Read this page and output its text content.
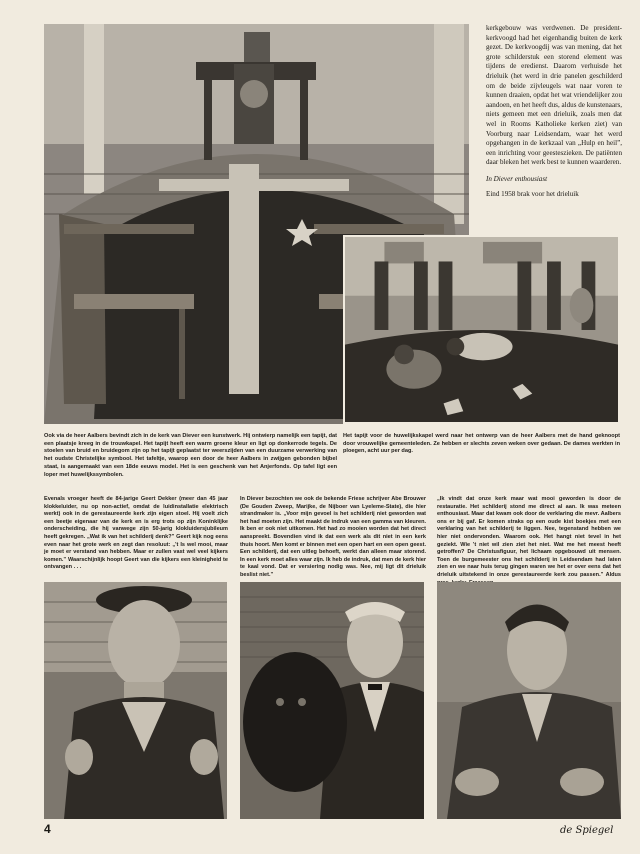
kerkgebouw was verdwenen. De president-kerkvoogd had het eigenhandig buiten de kerk gezet. De kerkvoogdij was van mening, dat het grote schilderstuk een storend element was tijdens de eredienst. Daarom verhuisde het drieluik (het werd in drie panelen geschilderd om de beide zijvleugels wat naar voren te kunnen draaien, opdat het wat vriendelijker zou aandoen, en het heeft dus, aldus de kunstenaars, niets gemeen met een drieluik, zoals men dat wel in Rooms Katholieke kerken ziet) van Voorburg naar Leidsendam, waar het werd opgehangen in de kerkzaal van „Hulp en heil”, een inrichting voor geesteszieken. De patiënten daar bleken het werk best te kunnen waarderen.

In Diever enthousiast

Eind 1958 brak voor het drieluik

Ook via de heer Aalbers bevindt zich in de kerk van Diever een kunstwerk. Hij ontwierp namelijk een tapijt, dat een plaatsje kreeg in de trouwkapel. Het tapijt heeft een warm groene kleur en ligt op donkerrode tegels. De stoelen van bruid en bruidegom zijn op het tapijt geplaatst ter weerszijden van een duurzame verwerking van het oudste Christelijke symbool. Het tafeltje, waarop een door de heer Aalbers in zwijgen gebonden bijbel staat, is aangemaakt van een 18de eeuws model. Het is een geschenk van het Anjerfonds. Op tafel ligt een loper met huwelijkssymbolen.
Het tapijt voor de huwelijkskapel werd naar het ontwerp van de heer Aalbers met de hand geknoopt door vrouwelijke gemeenteleden. Ze hebben er slechts zeven weken over gedaan. De dames werkten in ploegen, acht uur per dag.
Evenals vroeger heeft de 84-jarige Geert Dekker (meer dan 45 jaar klokkeluider, nu op non-actief, omdat de luidinstallatie elektrisch werkt) ook in de gerestaureerde kerk zijn eigen stoel. Hij voelt zich een beetje eigenaar van de kerk en is erg trots op zijn Koninklijke onderscheiding, die hij vanwege zijn 50-jarig klokluidersjubileum heeft gekregen. „Wat ik van het schilderij denk?” Geert kijk nog eens even naar het grote werk en zegt dan resoluut: „'t Is wel mooi, maar je moet er verstand van hebben. Maar er zullen vast wel veel kijkers komen.” Waarschijnlijk hoopt Geert van die kijkers een kleinigheid te ontvangen . . .
In Diever bezochten we ook de bekende Friese schrijver Abe Brouwer (De Gouden Zweep, Marijke, de Nijboer van Lyeleme-State), die hier strandmaker is. „Voor mijn gevoel is het schilderij niet geworden wat het had moeten zijn. Het maakt de indruk van een gamma van kleuren. Ik ben er ook niet uitkomen. Het had zo mooien worden dat het direct aanspreekt. Bovendien vind ik dat een werk als dit niet in een kerk thuis hoort. Men komt er binnen met een open hart en een open geest. Een schilderij, dat een uitleg behoeft, werkt dan alleen maar storend. In een kerk moet alles waar zijn. Ik heb de indruk, dat men de kerk hier te kaal vond. Dat er versiering nodig was. Nee, mij ligt dit drieluik beslist niet.”
„Ik vindt dat onze kerk maar wat mooi geworden is door de restauratie. Het schilderij stond me direct al aan. Ik was meteen enthousiast. Maar dat kwam ook door de verklaring die mevr. Aalbers ons er bij gaf. Er komen straks op een oude kist boekjes met een verklaring van het schilderij te liggen. Nee, tegenstand hebben we hier niet ondervonden. Waarom ook. Het hangt niet tevel in het geziekt. Wie 't niet wil zien ziet het niet. Wat me het meest heeft getroffen? De Christusfiguur, het lichaam opgebouwd uit mensen. Toen de burgemeester ons het schilderij in Leidsendam had laten zien en we naar huis terug gingen waren we het er over eens dat het drieluik uitstekend in onze gerestaureerde kerk zou passen.” Aldus
4	de Spiegel
